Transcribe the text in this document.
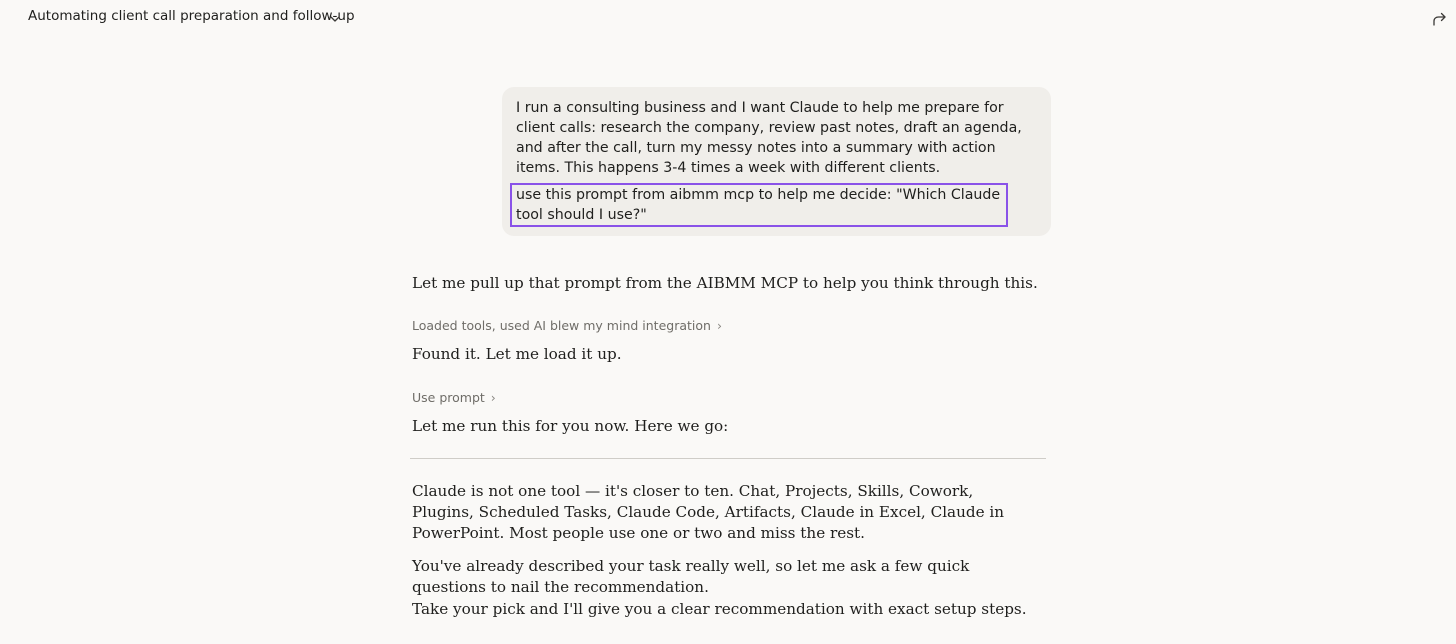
Automating client call preparation and follow-up

I run a consulting business and I want Claude to help me prepare for client calls: research the company, review past notes, draft an agenda, and after the call, turn my messy notes into a summary with action items. This happens 3-4 times a week with different clients.

use this prompt from aibmm mcp to help me decide: "Which Claude tool should I use?"

Let me pull up that prompt from the AIBMM MCP to help you think through this.

Loaded tools, used AI blew my mind integration ›

Found it. Let me load it up.

Use prompt ›

Let me run this for you now. Here we go:

Claude is not one tool — it's closer to ten. Chat, Projects, Skills, Cowork, Plugins, Scheduled Tasks, Claude Code, Artifacts, Claude in Excel, Claude in PowerPoint. Most people use one or two and miss the rest.

You've already described your task really well, so let me ask a few quick questions to nail the recommendation.

Take your pick and I'll give you a clear recommendation with exact setup steps.
